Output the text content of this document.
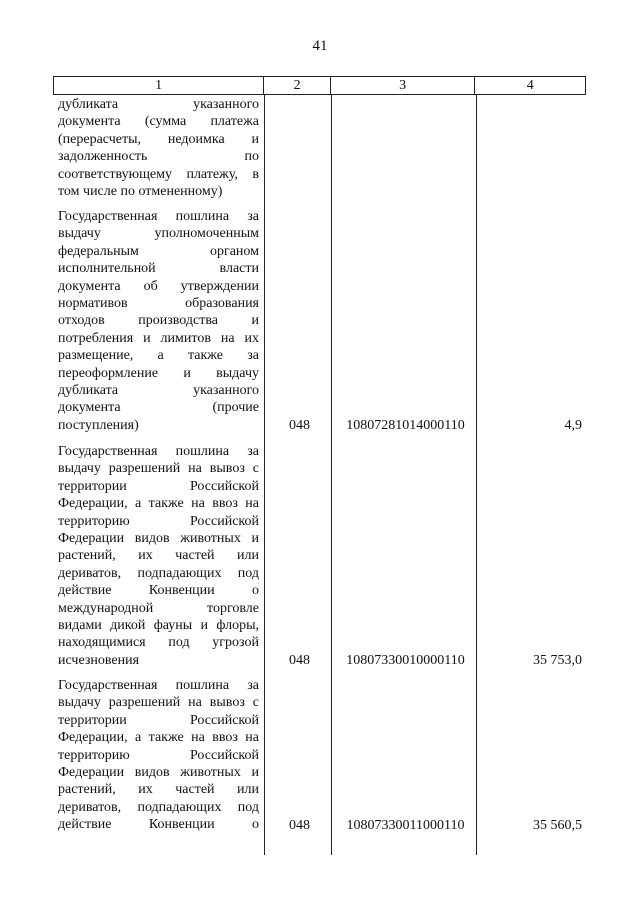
41
1	2	3	4
дубликата указанного
документа (сумма платежа
(перерасчеты, недоимка и
задолженность по
соответствующему платежу, в
том числе по отмененному)
Государственная пошлина за
выдачу уполномоченным
федеральным органом
исполнительной власти
документа об утверждении
нормативов образования
отходов производства и
потребления и лимитов на их
размещение, а также за
переоформление и выдачу
дубликата указанного
документа (прочие
поступления)	048	10807281014000110	4,9
Государственная пошлина за
выдачу разрешений на вывоз с
территории Российской
Федерации, а также на ввоз на
территорию Российской
Федерации видов животных и
растений, их частей или
дериватов, подпадающих под
действие Конвенции о
международной торговле
видами дикой фауны и флоры,
находящимися под угрозой
исчезновения	048	10807330010000110	35 753,0
Государственная пошлина за
выдачу разрешений на вывоз с
территории Российской
Федерации, а также на ввоз на
территорию Российской
Федерации видов животных и
растений, их частей или
дериватов, подпадающих под
действие Конвенции о	048	10807330011000110	35 560,5
